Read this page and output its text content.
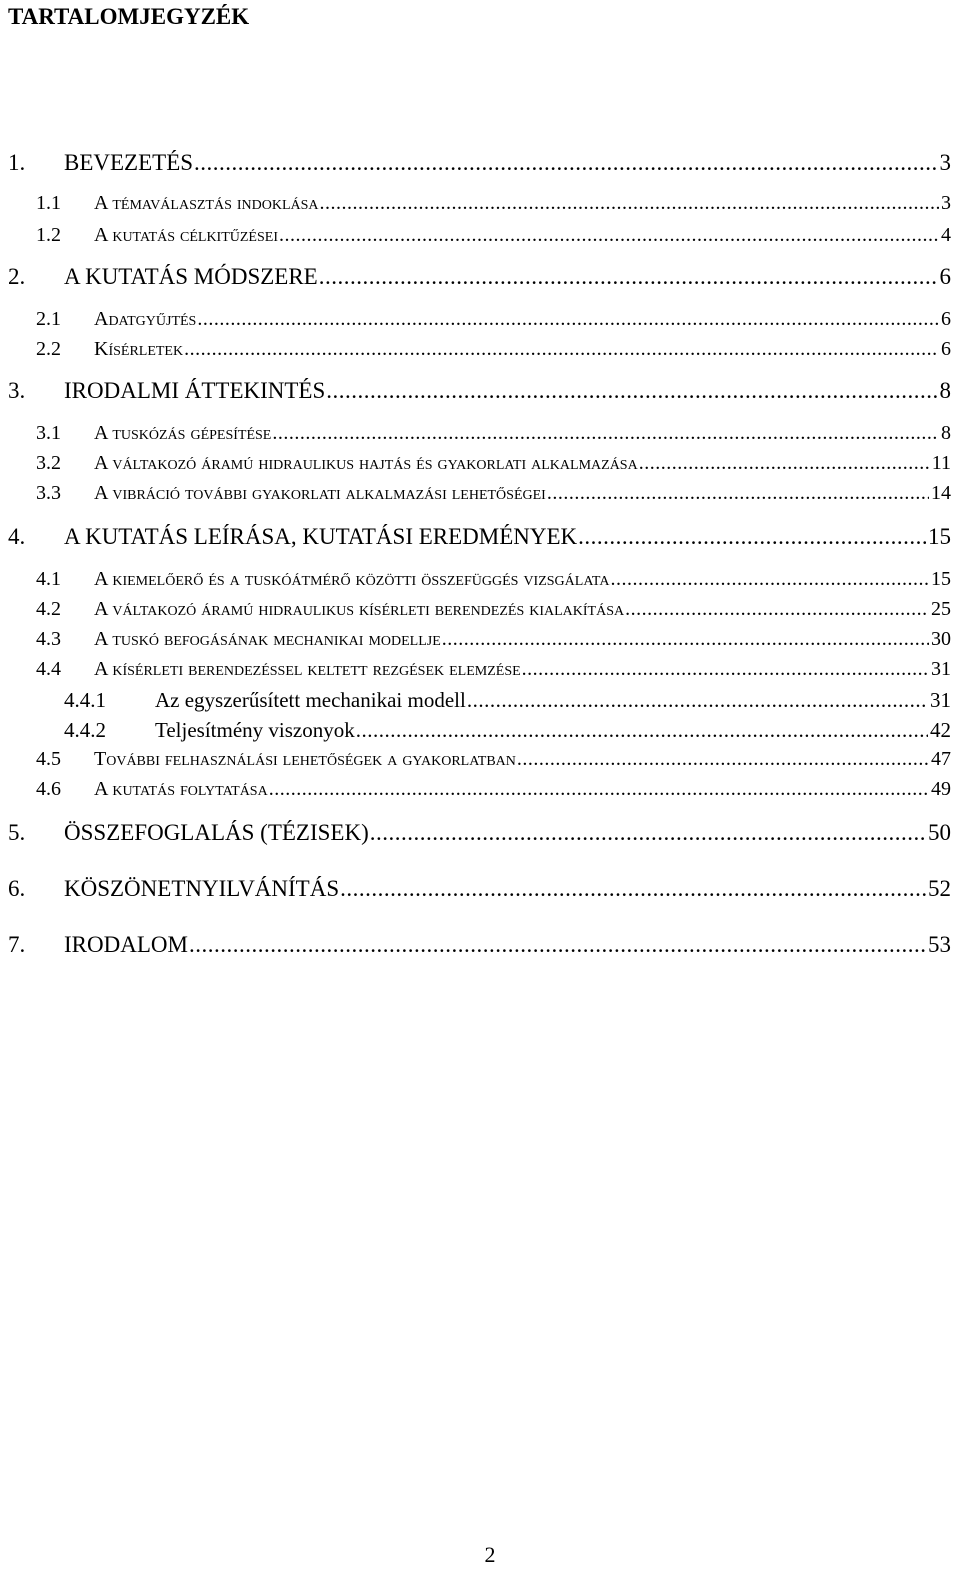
TARTALOMJEGYZÉK
1.	BEVEZETÉS .....	3
1.1	A témaválasztás indoklása .....	3
1.2	A kutatás célkitűzései .....	4
2.	A KUTATÁS MÓDSZERE .....	6
2.1	Adatgyűjtés .....	6
2.2	Kísérletek .....	6
3.	IRODALMI ÁTTEKINTÉS .....	8
3.1	A tuskózás gépesítése .....	8
3.2	A váltakozó áramú hidraulikus hajtás és gyakorlati alkalmazása .....	11
3.3	A vibráció további gyakorlati alkalmazási lehetőségei .....	14
4.	A KUTATÁS LEÍRÁSA, KUTATÁSI EREDMÉNYEK .....	15
4.1	A kiemelőerő és a tuskóátmérő közötti összefüggés vizsgálata .....	15
4.2	A váltakozó áramú hidraulikus kísérleti berendezés kialakítása .....	25
4.3	A tuskó befogásának mechanikai modellje .....	30
4.4	A kísérleti berendezéssel keltett rezgések elemzése .....	31
4.4.1	Az egyszerűsített mechanikai modell .....	31
4.4.2	Teljesítmény viszonyok .....	42
4.5	További felhasználási lehetőségek a gyakorlatban .....	47
4.6	A kutatás folytatása .....	49
5.	ÖSSZEFOGLALÁS (TÉZISEK) .....	50
6.	KÖSZÖNETNYILVÁNÍTÁS .....	52
7.	IRODALOM .....	53
2
